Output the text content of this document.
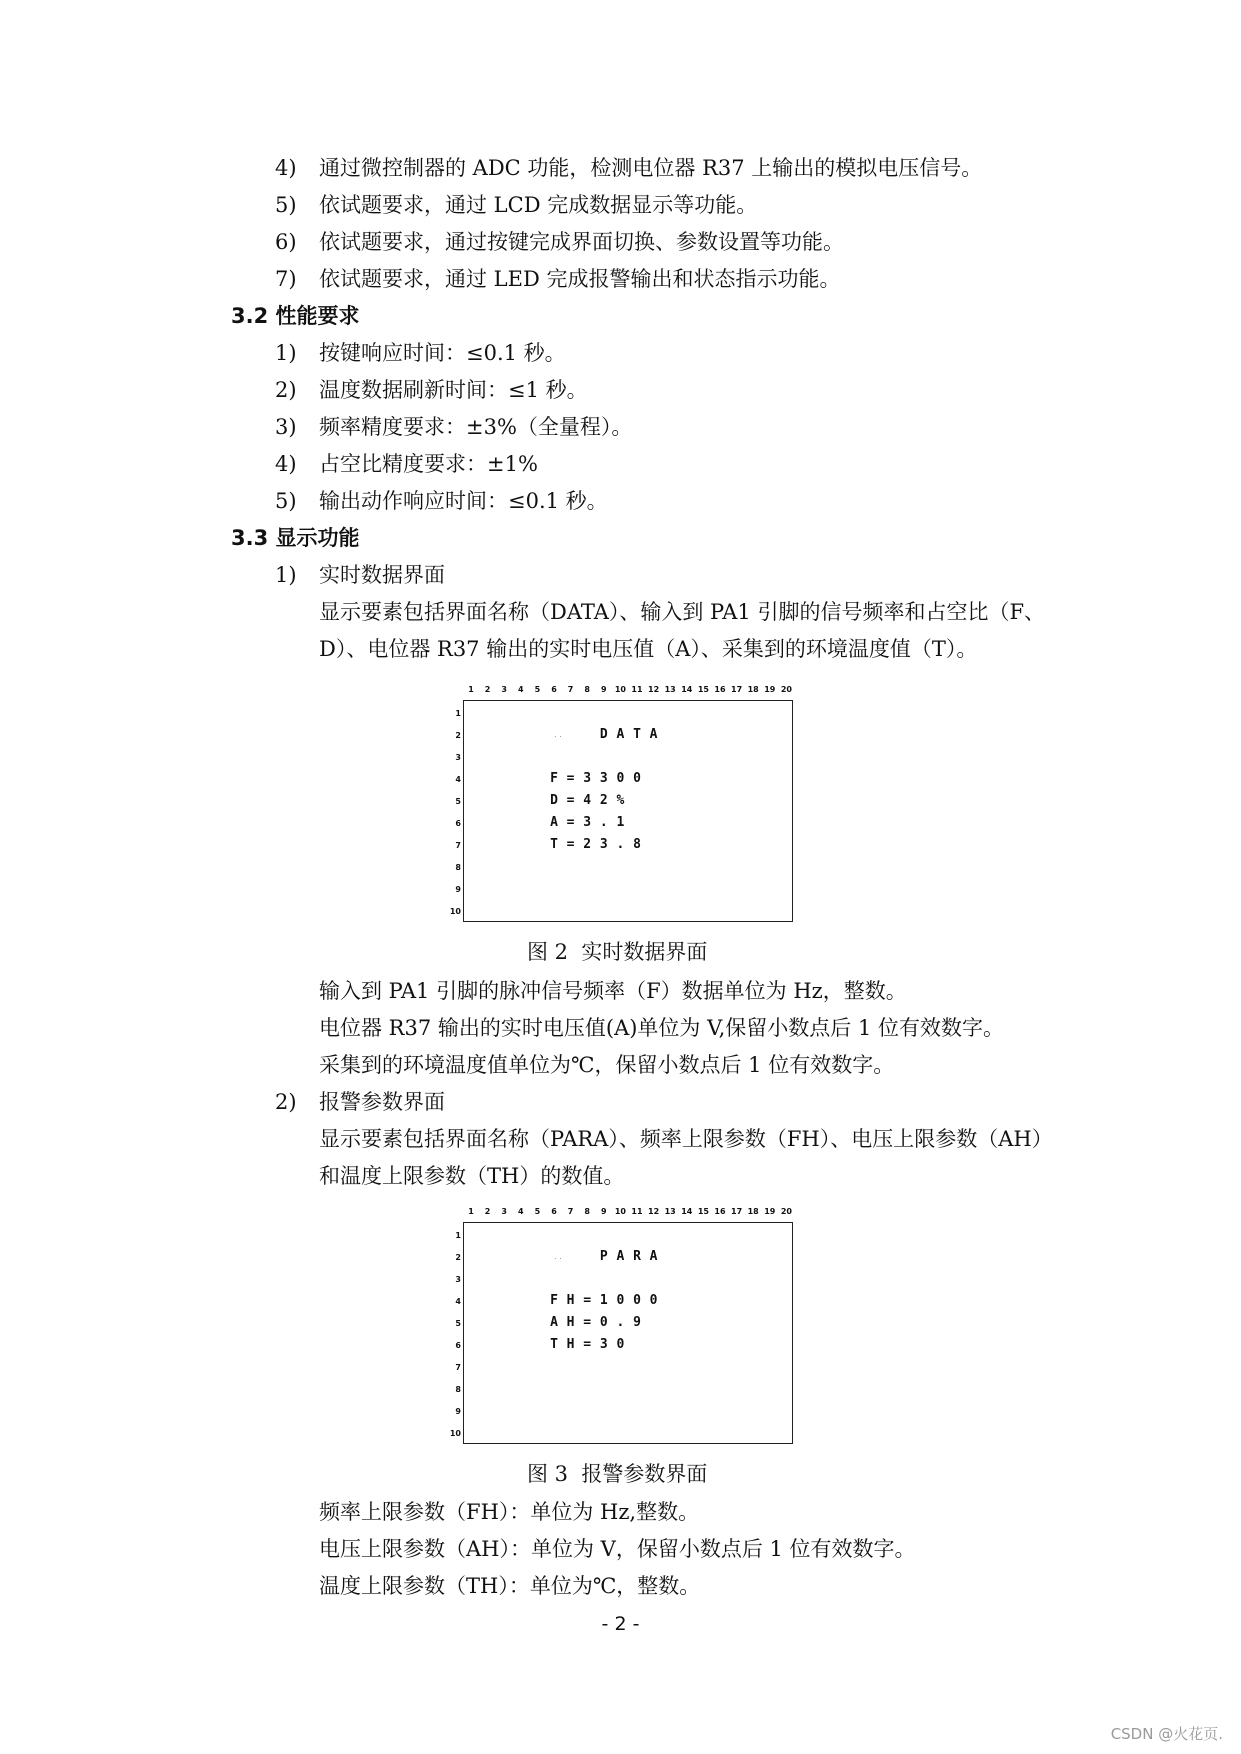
4) 通过微控制器的 ADC 功能，检测电位器 R37 上输出的模拟电压信号。
5) 依试题要求，通过 LCD 完成数据显示等功能。
6) 依试题要求，通过按键完成界面切换、参数设置等功能。
7) 依试题要求，通过 LED 完成报警输出和状态指示功能。
3.2 性能要求
1) 按键响应时间：≤0.1 秒。
2) 温度数据刷新时间：≤1 秒。
3) 频率精度要求：±3%（全量程）。
4) 占空比精度要求：±1%
5) 输出动作响应时间：≤0.1 秒。
3.3 显示功能
1) 实时数据界面
显示要素包括界面名称（DATA）、输入到 PA1 引脚的信号频率和占空比（F、
D）、电位器 R37 输出的实时电压值（A）、采集到的环境温度值（T）。
1	2	3	4	5	6	7	8	9	10 11 12 13 14 15 16 17 18 19 20
1
2
3
4
5
6
7
8
9
10
. .	D A T A
F = 3 3 0 0
D = 4 2 %
A = 3 . 1
T = 2 3 . 8
图 2  实时数据界面
输入到 PA1 引脚的脉冲信号频率（F）数据单位为 Hz，整数。
电位器 R37 输出的实时电压值(A)单位为 V,保留小数点后 1 位有效数字。
采集到的环境温度值单位为℃，保留小数点后 1 位有效数字。
2) 报警参数界面
显示要素包括界面名称（PARA）、频率上限参数（FH）、电压上限参数（AH）
和温度上限参数（TH）的数值。
1	2	3	4	5	6	7	8	9	10 11 12 13 14 15 16 17 18 19 20
1
2
3
4
5
6
7
8
9
10
. .	P A R A
F H = 1 0 0 0
A H = 0 . 9
T H = 3 0
图 3  报警参数界面
频率上限参数（FH）：单位为 Hz,整数。
电压上限参数（AH）：单位为 V，保留小数点后 1 位有效数字。
温度上限参数（TH）：单位为℃，整数。
- 2 -
CSDN @火花页.
